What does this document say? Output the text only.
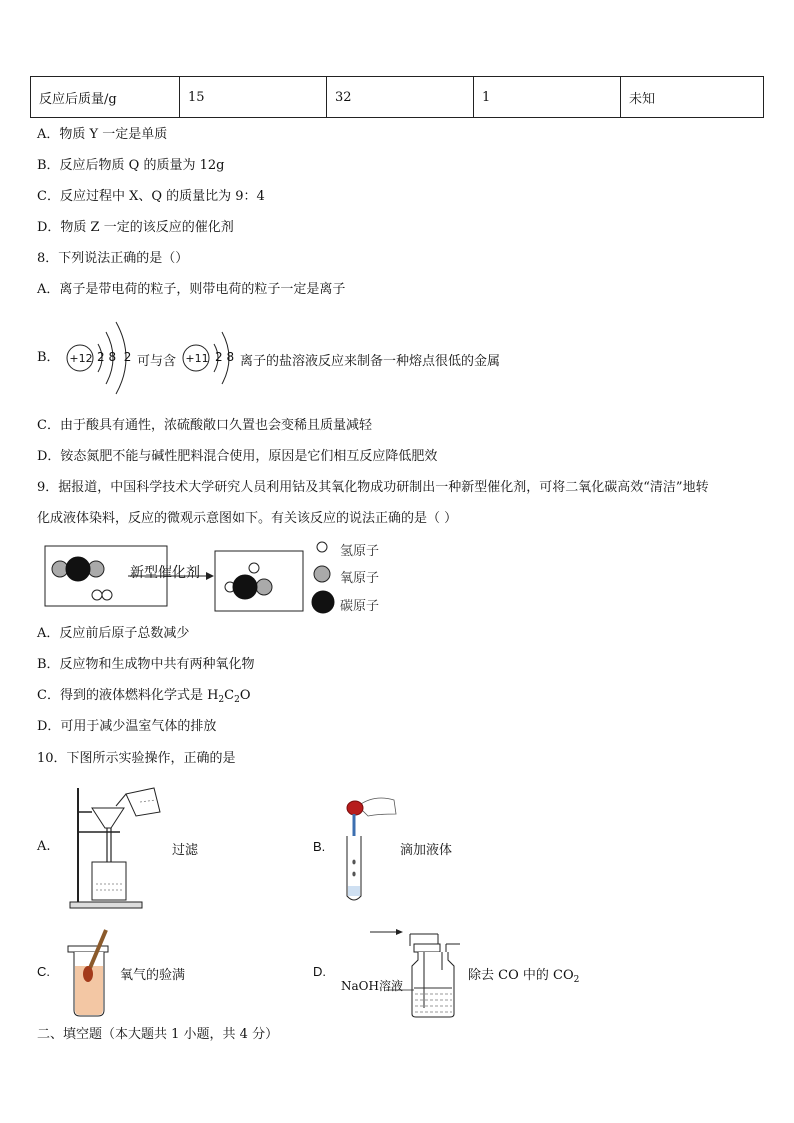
反应后质量/g	15	32	1	未知
A．物质 Y 一定是单质
B．反应后物质 Q 的质量为 12g
C．反应过程中 X、Q 的质量比为 9：4
D．物质 Z 一定的该反应的催化剂
8．下列说法正确的是（）
A．离子是带电荷的粒子，则带电荷的粒子一定是离子
B． +12 2 8  2 可与含 +11 2 8 离子的盐溶液反应来制备一种熔点很低的金属
C．由于酸具有通性，浓硫酸敞口久置也会变稀且质量减轻
D．铵态氮肥不能与碱性肥料混合使用，原因是它们相互反应降低肥效
9．据报道，中国科学技术大学研究人员利用钴及其氧化物成功研制出一种新型催化剂，可将二氧化碳高效“清洁”地转
化成液体染料，反应的微观示意图如下。有关该反应的说法正确的是（ ）
新型催化剂
氢原子
氧原子
碳原子
A．反应前后原子总数减少
B．反应物和生成物中共有两种氧化物
C．得到的液体燃料化学式是 $H_2C_2O$
D．可用于减少温室气体的排放
10．下图所示实验操作，正确的是
A.	过滤	B.	滴加液体
C.	氧气的验满	D.
NaOH溶液
除去 CO 中的 $CO_2$
二、填空题（本大题共 1 小题，共 4 分）
